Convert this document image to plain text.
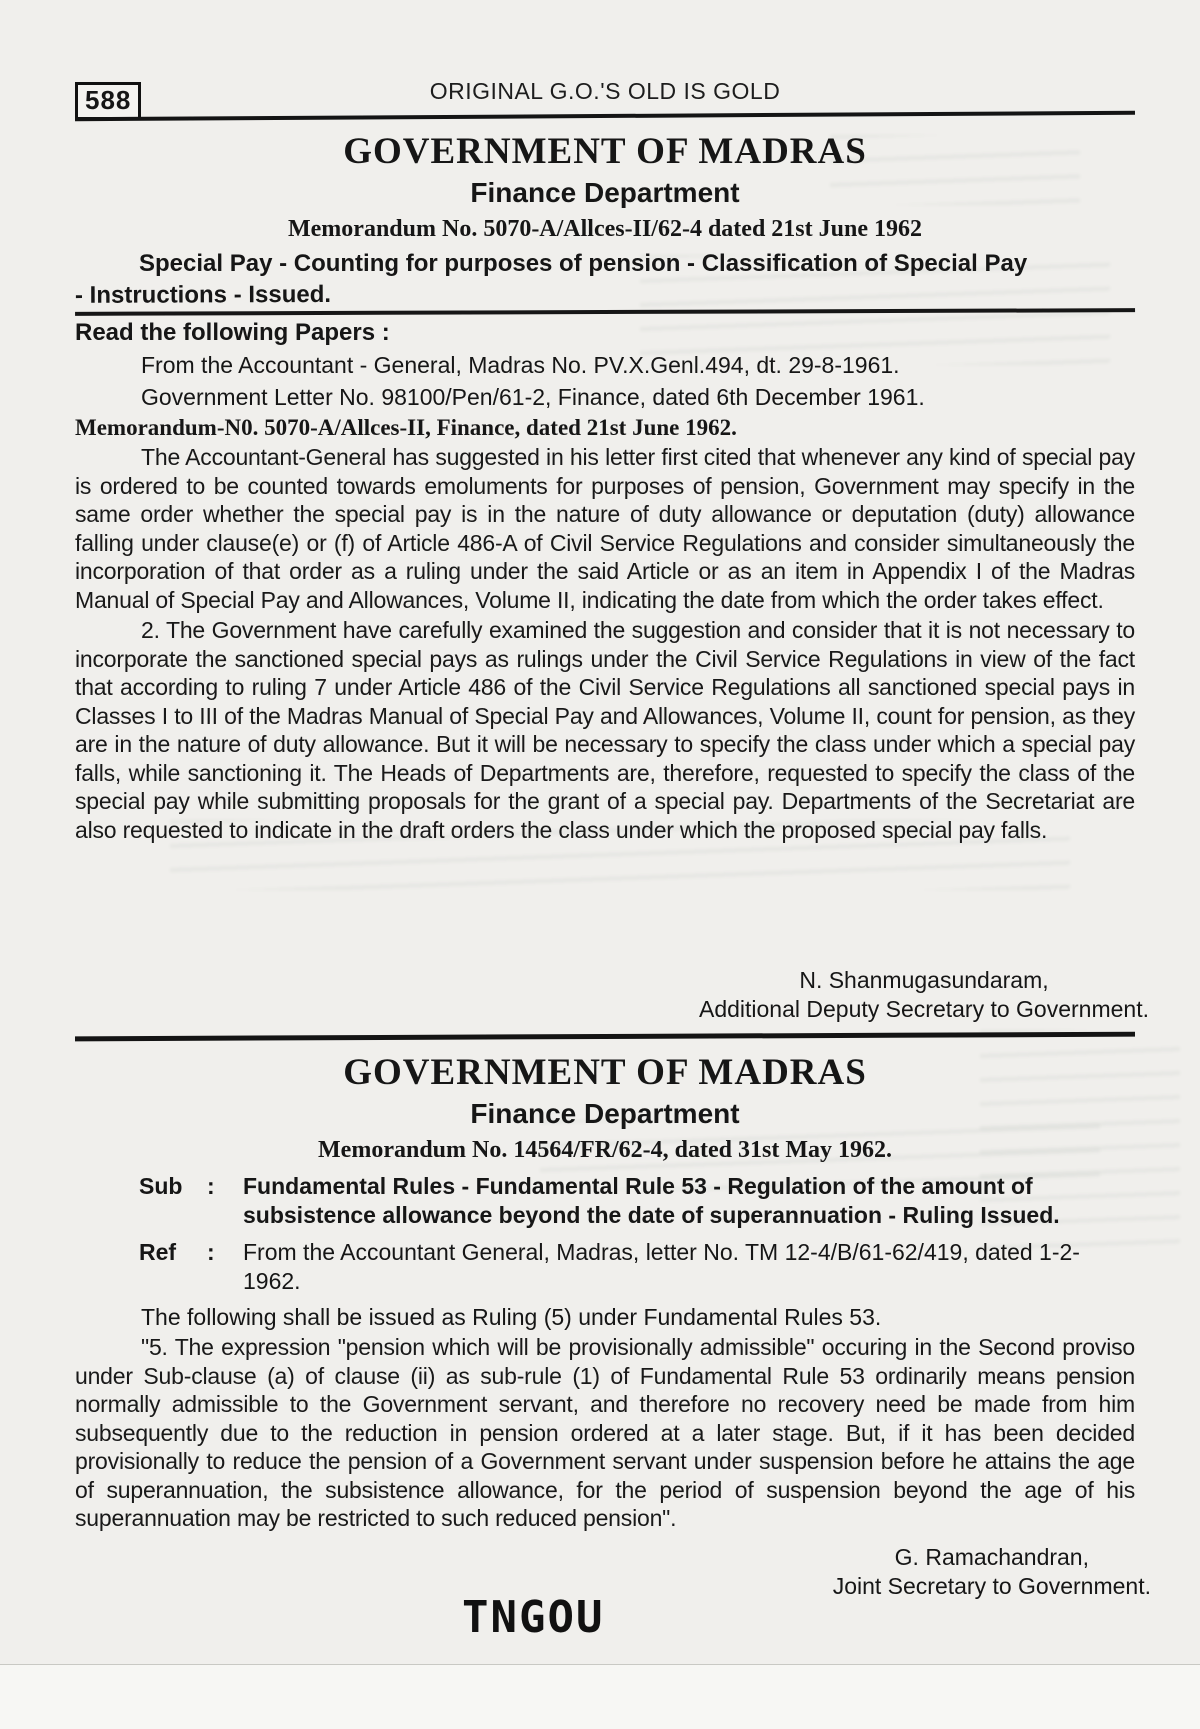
588	ORIGINAL G.O.'S OLD IS GOLD
GOVERNMENT OF MADRAS
Finance Department
Memorandum No. 5070-A/Allces-II/62-4 dated 21st June 1962
Special Pay - Counting for purposes of pension - Classification of Special Pay
- Instructions - Issued.
Read the following Papers :
From the Accountant - General, Madras No. PV.X.Genl.494, dt. 29-8-1961.
Government Letter No. 98100/Pen/61-2, Finance, dated 6th December 1961.
Memorandum-N0. 5070-A/Allces-II, Finance, dated 21st June 1962.

The Accountant-General has suggested in his letter first cited that whenever any kind of special pay is ordered to be counted towards emoluments for purposes of pension, Government may specify in the same order whether the special pay is in the nature of duty allowance or deputation (duty) allowance falling under clause(e) or (f) of Article 486-A of Civil Service Regulations and consider simultaneously the incorporation of that order as a ruling under the said Article or as an item in Appendix I of the Madras Manual of Special Pay and Allowances, Volume II, indicating the date from which the order takes effect.

2. The Government have carefully examined the suggestion and consider that it is not necessary to incorporate the sanctioned special pays as rulings under the Civil Service Regulations in view of the fact that according to ruling 7 under Article 486 of the Civil Service Regulations all sanctioned special pays in Classes I to III of the Madras Manual of Special Pay and Allowances, Volume II, count for pension, as they are in the nature of duty allowance. But it will be necessary to specify the class under which a special pay falls, while sanctioning it. The Heads of Departments are, therefore, requested to specify the class of the special pay while submitting proposals for the grant of a special pay. Departments of the Secretariat are also requested to indicate in the draft orders the class under which the proposed special pay falls.

N. Shanmugasundaram,
Additional Deputy Secretary to Government.
GOVERNMENT OF MADRAS
Finance Department
Memorandum No. 14564/FR/62-4, dated 31st May 1962.
Sub	:	Fundamental Rules - Fundamental Rule 53 - Regulation of the amount of subsistence allowance beyond the date of superannuation - Ruling Issued.
Ref	:	From the Accountant General, Madras, letter No. TM 12-4/B/61-62/419, dated 1-2-1962.
The following shall be issued as Ruling (5) under Fundamental Rules 53.

"5. The expression "pension which will be provisionally admissible" occuring in the Second proviso under Sub-clause (a) of clause (ii) as sub-rule (1) of Fundamental Rule 53 ordinarily means pension normally admissible to the Government servant, and therefore no recovery need be made from him subsequently due to the reduction in pension ordered at a later stage. But, if it has been decided provisionally to reduce the pension of a Government servant under suspension before he attains the age of superannuation, the subsistence allowance, for the period of suspension beyond the age of his superannuation may be restricted to such reduced pension".

G. Ramachandran,
Joint Secretary to Government.
TNGOU
